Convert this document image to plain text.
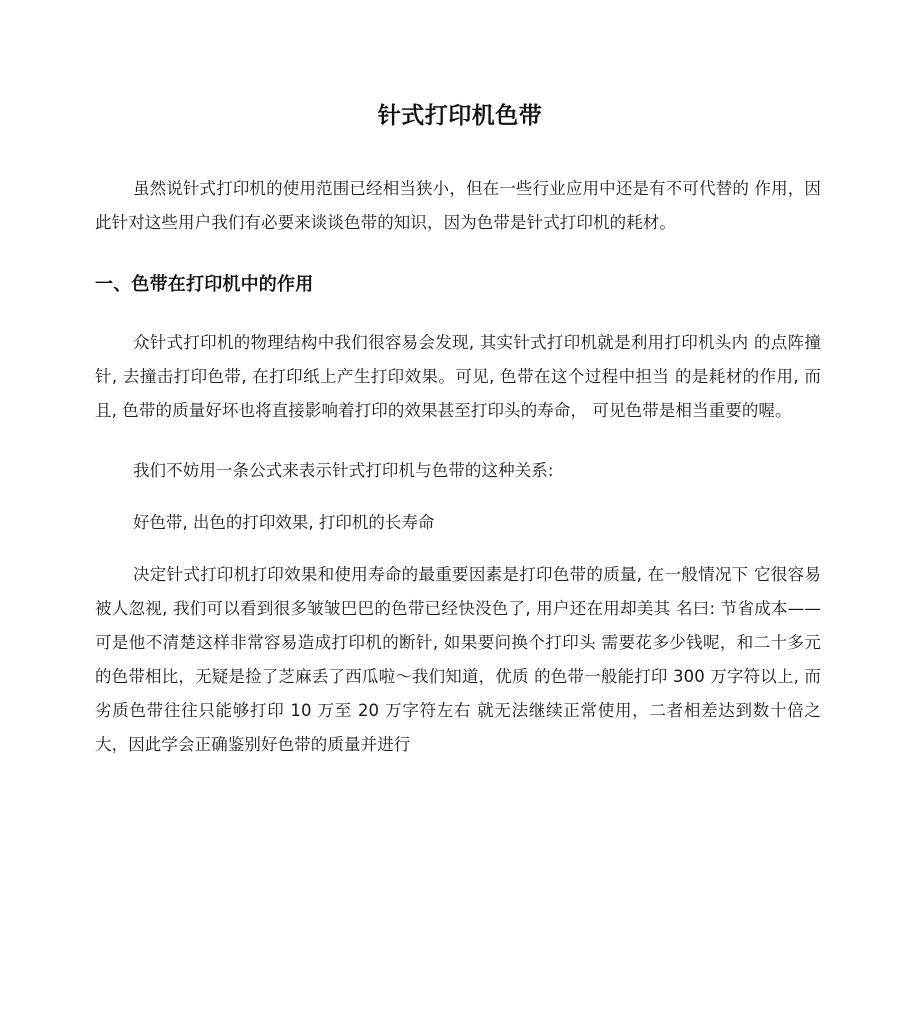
针式打印机色带

虽然说针式打印机的使用范围已经相当狭小，但在一些行业应用中还是有不可代替的 作用，因此针对这些用户我们有必要来谈谈色带的知识，因为色带是针式打印机的耗材。

一、色带在打印机中的作用

众针式打印机的物理结构中我们很容易会发现, 其实针式打印机就是利用打印机头内 的点阵撞针, 去撞击打印色带, 在打印纸上产生打印效果。可见, 色带在这个过程中担当 的是耗材的作用, 而且, 色带的质量好坏也将直接影响着打印的效果甚至打印头的寿命， 可见色带是相当重要的喔。

我们不妨用一条公式来表示针式打印机与色带的这种关系:

好色带, 出色的打印效果, 打印机的长寿命

决定针式打印机打印效果和使用寿命的最重要因素是打印色带的质量, 在一般情况下 它很容易被人忽视, 我们可以看到很多皱皱巴巴的色带已经快没色了, 用户还在用却美其 名曰: 节省成本——可是他不清楚这样非常容易造成打印机的断针, 如果要问换个打印头 需要花多少钱呢，和二十多元的色带相比，无疑是捡了芝麻丢了西瓜啦～我们知道，优质 的色带一般能打印 300 万字符以上, 而劣质色带往往只能够打印 10 万至 20 万字符左右 就无法继续正常使用，二者相差达到数十倍之大，因此学会正确鉴别好色带的质量并进行
